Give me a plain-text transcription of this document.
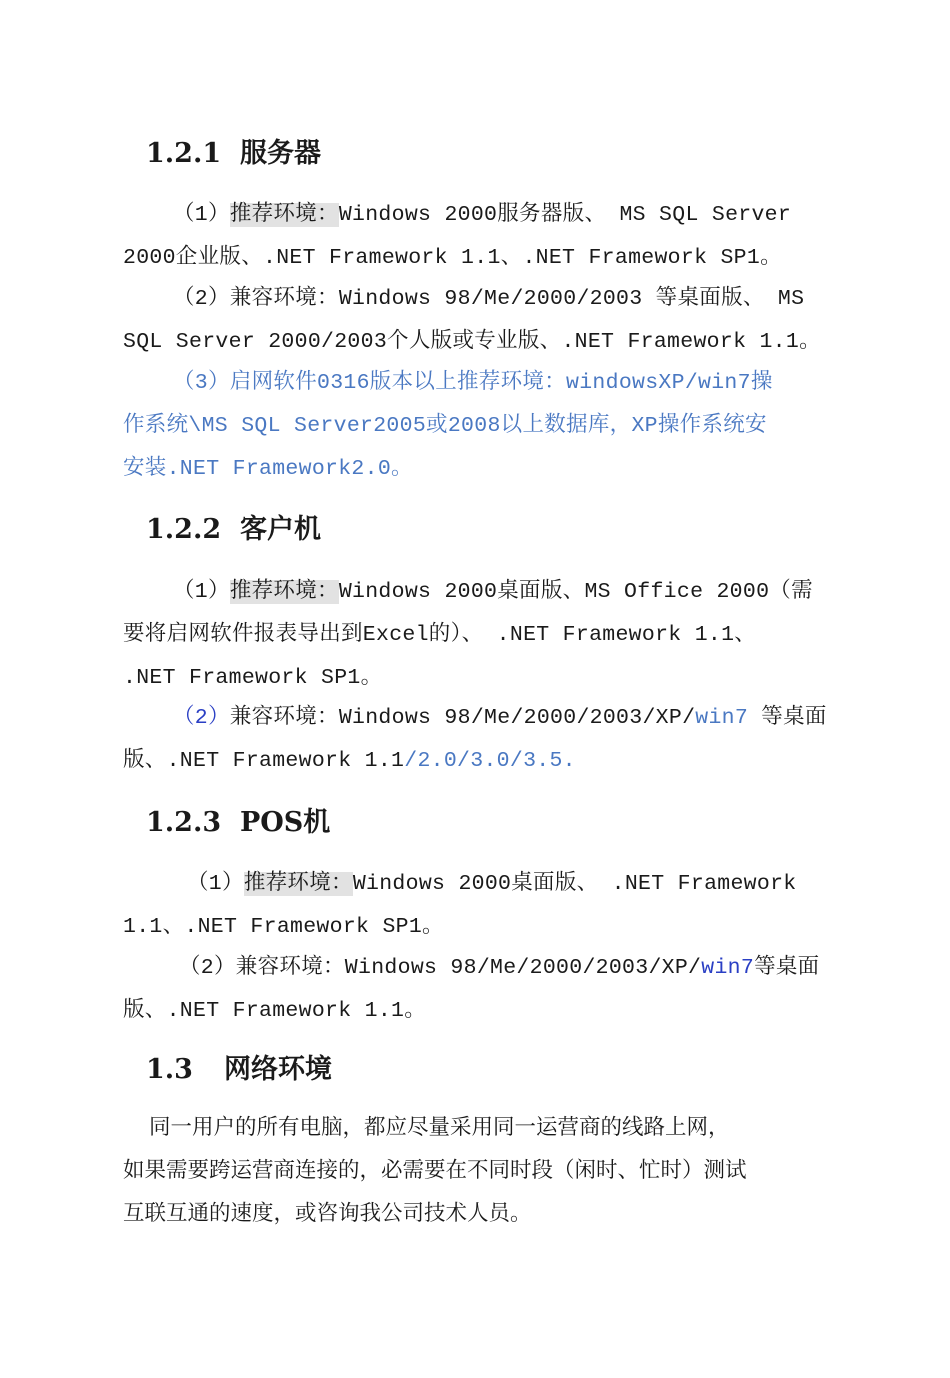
1.2.1 服务器
（1）推荐环境：Windows 2000服务器版、 MS SQL Server
2000企业版、.NET Framework 1.1、.NET Framework SP1。
（2）兼容环境：Windows 98/Me/2000/2003 等桌面版、 MS
SQL Server 2000/2003个人版或专业版、.NET Framework 1.1。
（3）启网软件0316版本以上推荐环境：windowsXP/win7操
作系统\MS SQL Server2005或2008以上数据库，XP操作系统安
安装.NET Framework2.0。
1.2.2 客户机
（1）推荐环境：Windows 2000桌面版、MS Office 2000（需
要将启网软件报表导出到Excel的）、 .NET Framework 1.1、
.NET Framework SP1。
（2）兼容环境：Windows 98/Me/2000/2003/XP/win7 等桌面
版、.NET Framework 1.1/2.0/3.0/3.5.
1.2.3 POS机
（1）推荐环境：Windows 2000桌面版、 .NET Framework
1.1、.NET Framework SP1。
（2）兼容环境：Windows 98/Me/2000/2003/XP/win7等桌面
版、.NET Framework 1.1。
1.3 网络环境
同一用户的所有电脑，都应尽量采用同一运营商的线路上网，
如果需要跨运营商连接的，必需要在不同时段（闲时、忙时）测试
互联互通的速度，或咨询我公司技术人员。
